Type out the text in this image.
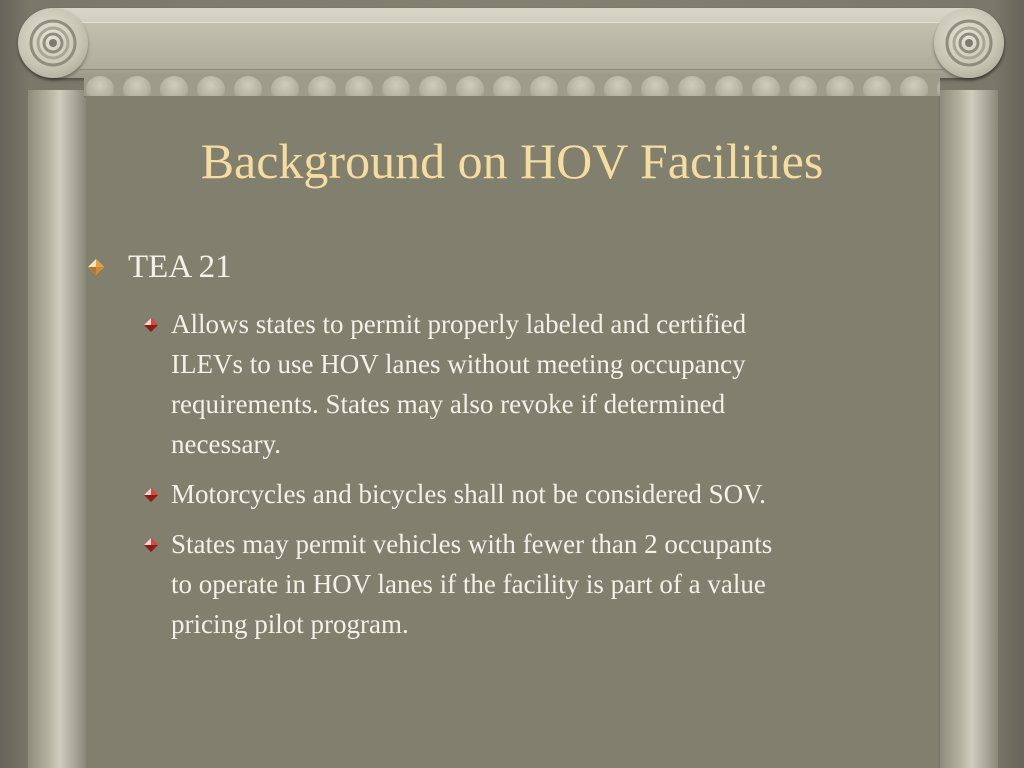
Background on HOV Facilities
TEA 21
Allows states to permit properly labeled and certified
ILEVs to use HOV lanes without meeting occupancy
requirements. States may also revoke if determined
necessary.
Motorcycles and bicycles shall not be considered SOV.
States may permit vehicles with fewer than 2 occupants
to operate in HOV lanes if the facility is part of a value
pricing pilot program.
